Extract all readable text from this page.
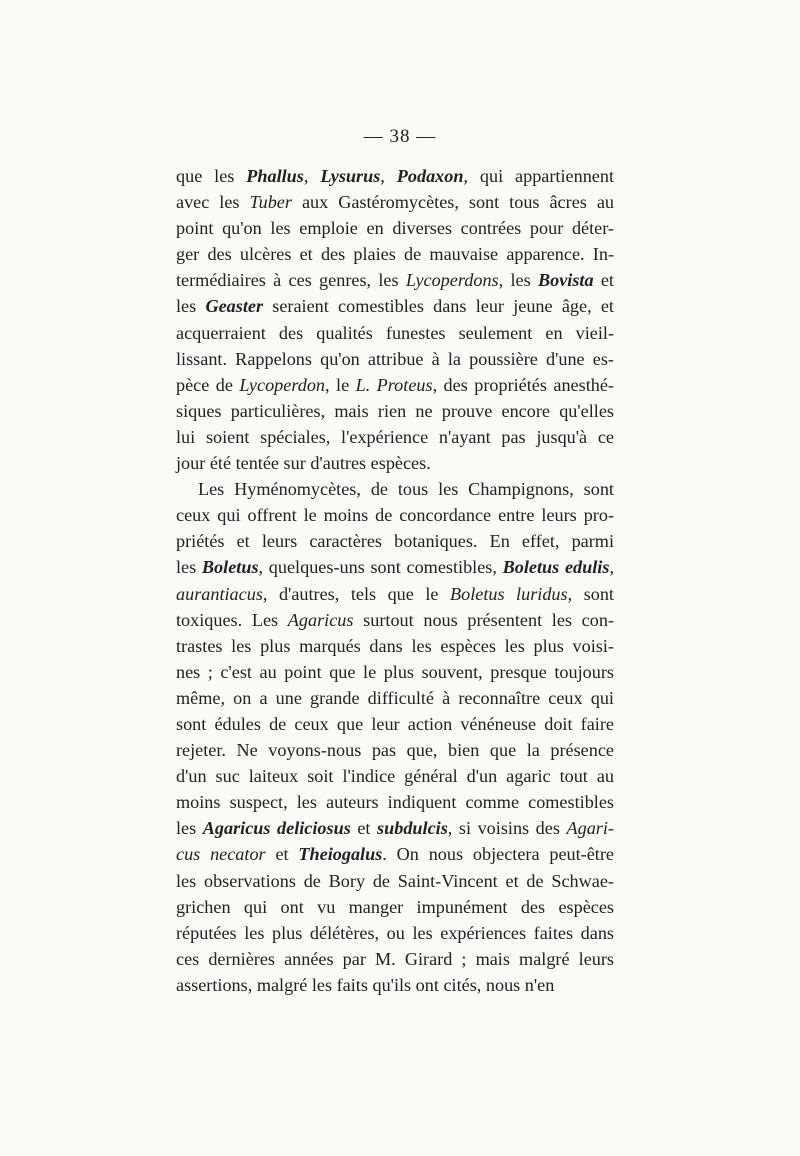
— 38 —
que les Phallus, Lysurus, Podaxon, qui appartiennent
avec les Tuber aux Gastéromycètes, sont tous âcres au
point qu'on les emploie en diverses contrées pour déter-
ger des ulcères et des plaies de mauvaise apparence. In-
termédiaires à ces genres, les Lycoperdons, les Bovista et
les Geaster seraient comestibles dans leur jeune âge, et
acquerraient des qualités funestes seulement en vieil-
lissant. Rappelons qu'on attribue à la poussière d'une es-
pèce de Lycoperdon, le L. Proteus, des propriétés anesthé-
siques particulières, mais rien ne prouve encore qu'elles
lui soient spéciales, l'expérience n'ayant pas jusqu'à ce
jour été tentée sur d'autres espèces.
Les Hyménomycètes, de tous les Champignons, sont
ceux qui offrent le moins de concordance entre leurs pro-
priétés et leurs caractères botaniques. En effet, parmi
les Boletus, quelques-uns sont comestibles, Boletus edulis,
aurantiacus, d'autres, tels que le Boletus luridus, sont
toxiques. Les Agaricus surtout nous présentent les con-
trastes les plus marqués dans les espèces les plus voisi-
nes ; c'est au point que le plus souvent, presque toujours
même, on a une grande difficulté à reconnaître ceux qui
sont édules de ceux que leur action vénéneuse doit faire
rejeter. Ne voyons-nous pas que, bien que la présence
d'un suc laiteux soit l'indice général d'un agaric tout au
moins suspect, les auteurs indiquent comme comestibles
les Agaricus deliciosus et subdulcis, si voisins des Agari-
cus necator et Theiogalus. On nous objectera peut-être
les observations de Bory de Saint-Vincent et de Schwae-
grichen qui ont vu manger impunément des espèces
réputées les plus délétères, ou les expériences faites dans
ces dernières années par M. Girard ; mais malgré leurs
assertions, malgré les faits qu'ils ont cités, nous n'en
